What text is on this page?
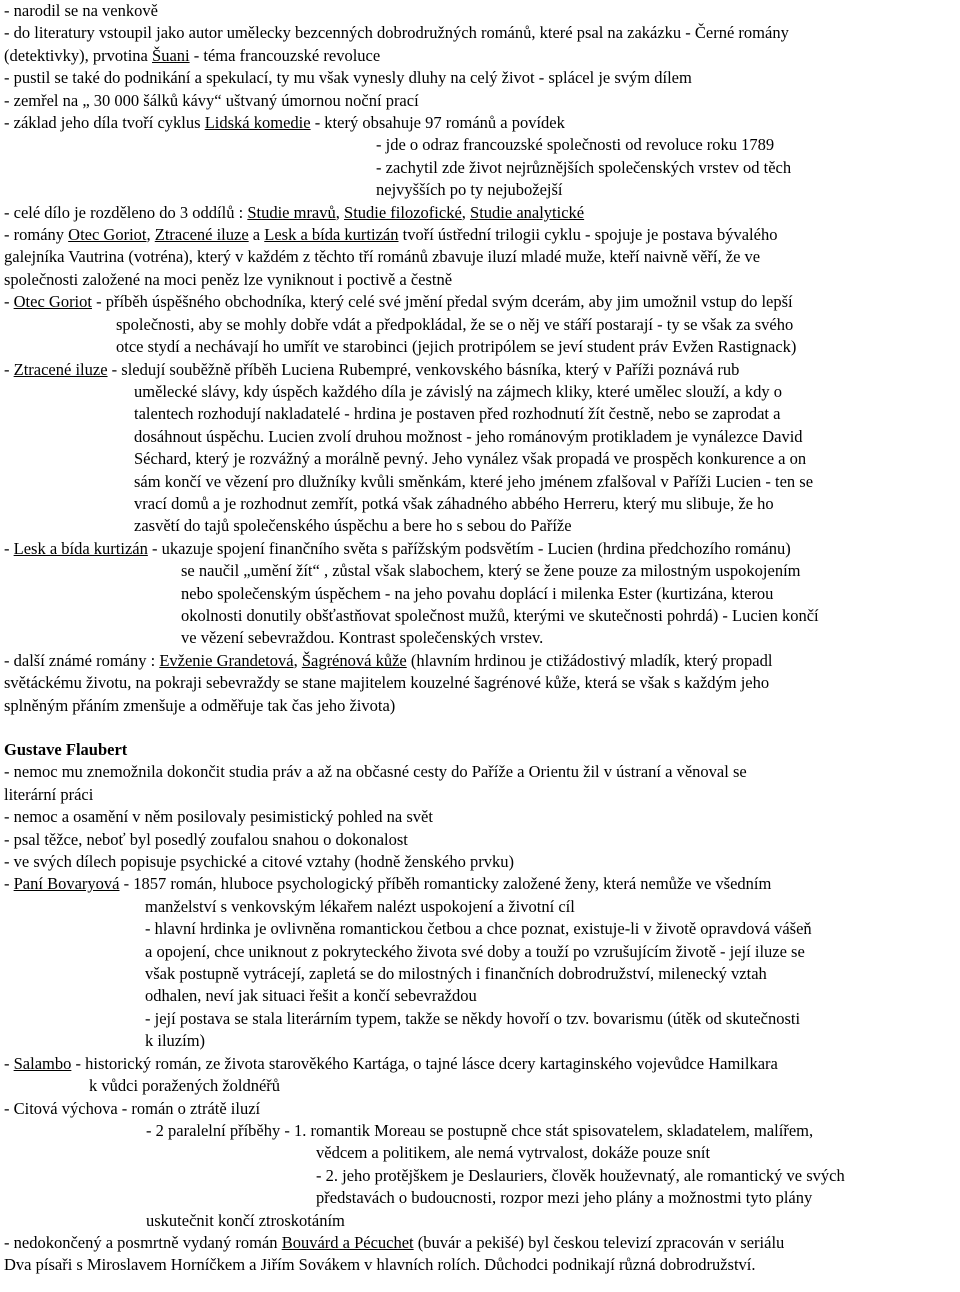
- narodil se na venkově
- do literatury vstoupil jako autor umělecky bezcenných dobrodružných románů, které psal na zakázku - Černé romány
(detektivky), prvotina Šuani - téma francouzské revoluce
- pustil se také do podnikání a spekulací, ty mu však vynesly dluhy na celý život - splácel je svým dílem
- zemřel na „ 30 000 šálků kávy“ uštvaný úmornou noční prací
- základ jeho díla tvoří cyklus Lidská komedie - který obsahuje 97 románů a povídek
- jde o odraz francouzské společnosti od revoluce roku 1789
- zachytil zde život nejrůznějších společenských vrstev od těch
nejvyšších po ty nejubožejší
- celé dílo je rozděleno do 3 oddílů : Studie mravů, Studie filozofické, Studie analytické
- romány Otec Goriot, Ztracené iluze a Lesk a bída kurtizán tvoří ústřední trilogii cyklu - spojuje je postava bývalého
galejníka Vautrina (votréna), který v každém z těchto tří románů zbavuje iluzí mladé muže, kteří naivně věří, že ve
společnosti založené na moci peněz lze vyniknout i poctivě a čestně
- Otec Goriot - příběh úspěšného obchodníka, který celé své jmění předal svým dcerám, aby jim umožnil vstup do lepší
společnosti, aby se mohly dobře vdát a předpokládal, že se o něj ve stáří postarají - ty se však za svého
otce stydí a nechávají ho umřít ve starobinci (jejich protripólem se jeví student práv Evžen Rastignack)
- Ztracené iluze - sledují souběžně příběh Luciena Rubempré, venkovského básníka, který v Paříži poznává rub
umělecké slávy, kdy úspěch každého díla je závislý na zájmech kliky, které umělec slouží, a kdy o
talentech rozhodují nakladatelé - hrdina je postaven před rozhodnutí žít čestně, nebo se zaprodat a
dosáhnout úspěchu. Lucien zvolí druhou možnost - jeho románovým protikladem je vynálezce David
Séchard, který je rozvážný a morálně pevný. Jeho vynález však propadá ve prospěch konkurence a on
sám končí ve vězení pro dlužníky kvůli směnkám, které jeho jménem zfalšoval v Paříži Lucien - ten se
vrací domů a je rozhodnut zemřít, potká však záhadného abbého Herreru, který mu slibuje, že ho
zasvětí do tajů společenského úspěchu a bere ho s sebou do Paříže
- Lesk a bída kurtizán - ukazuje spojení finančního světa s pařížským podsvětím - Lucien (hrdina předchozího románu)
se naučil „umění žít“ , zůstal však slabochem, který se žene pouze za milostným uspokojením
nebo společenským úspěchem - na jeho povahu doplácí i milenka Ester (kurtizána, kterou
okolnosti donutily obšťastňovat společnost mužů, kterými ve skutečnosti pohrdá) - Lucien končí
ve vězení sebevraždou. Kontrast společenských vrstev.
- další známé romány : Evženie Grandetová, Šagrénová kůže (hlavním hrdinou je ctižádostivý mladík, který propadl
světáckému životu, na pokraji sebevraždy se stane majitelem kouzelné šagrénové kůže, která se však s každým jeho
splněným přáním zmenšuje a odměřuje tak čas jeho života)
Gustave Flaubert
- nemoc mu znemožnila dokončit studia práv a až na občasné cesty do Paříže a Orientu žil v ústraní a věnoval se
literární práci
- nemoc a osamění v něm posilovaly pesimistický pohled na svět
- psal těžce, neboť byl posedlý zoufalou snahou o dokonalost
- ve svých dílech popisuje psychické a citové vztahy (hodně ženského prvku)
- Paní Bovaryová - 1857 román, hluboce psychologický příběh romanticky založené ženy, která nemůže ve všedním
manželství s venkovským lékařem nalézt uspokojení a životní cíl
- hlavní hrdinka je ovlivněna romantickou četbou a chce poznat, existuje-li v životě opravdová vášeň
a opojení, chce uniknout z pokryteckého života své doby a touží po vzrušujícím životě - její iluze se
však postupně vytrácejí, zapletá se do milostných i finančních dobrodružství, milenecký vztah
odhalen, neví jak situaci řešit a končí sebevraždou
- její postava se stala literárním typem, takže se někdy hovoří o tzv. bovarismu (útěk od skutečnosti
k iluzím)
- Salambo - historický román, ze života starověkého Kartága, o tajné lásce dcery kartaginského vojevůdce Hamilkara
k vůdci poražených žoldnéřů
- Citová výchova - román o ztrátě iluzí
- 2 paralelní příběhy - 1. romantik Moreau se postupně chce stát spisovatelem, skladatelem, malířem,
vědcem a politikem, ale nemá vytrvalost, dokáže pouze snít
- 2. jeho protějškem je Deslauriers, člověk houževnatý, ale romantický ve svých
představách o budoucnosti, rozpor mezi jeho plány a možnostmi tyto plány
uskutečnit končí ztroskotáním
- nedokončený a posmrtně vydaný román Bouvárd a Pécuchet (buvár a pekišé) byl českou televizí zpracován v seriálu
Dva písaři s Miroslavem Horníčkem a Jiřím Sovákem v hlavních rolích. Důchodci podnikají různá dobrodružství.
